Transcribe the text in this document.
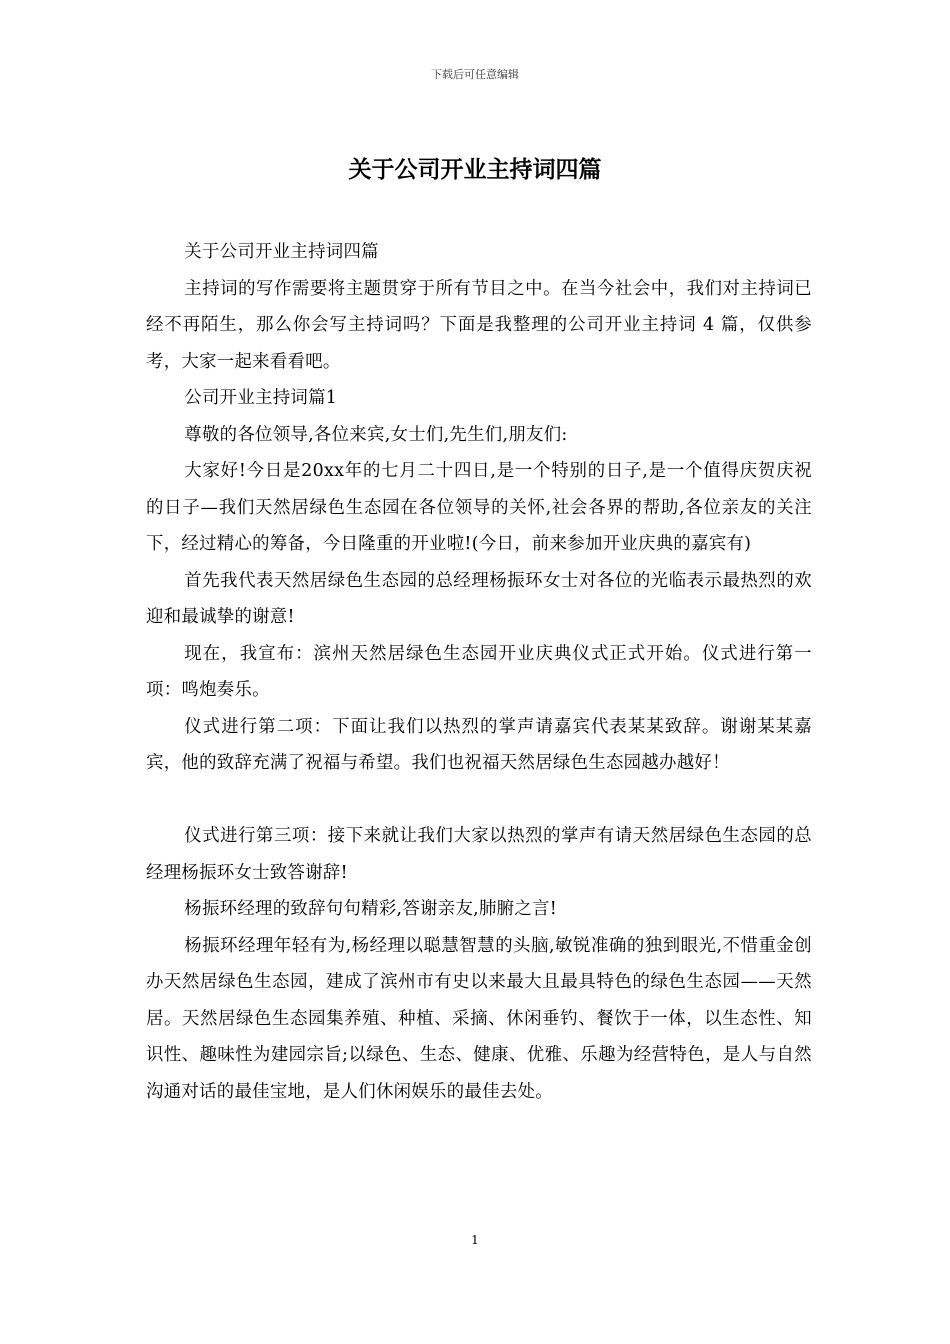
下载后可任意编辑
关于公司开业主持词四篇

关于公司开业主持词四篇

主持词的写作需要将主题贯穿于所有节目之中。在当今社会中，我们对主持词已经不再陌生，那么你会写主持词吗？下面是我整理的公司开业主持词 4 篇，仅供参考，大家一起来看看吧。

公司开业主持词篇1

尊敬的各位领导,各位来宾,女士们,先生们,朋友们:

大家好!今日是20xx年的七月二十四日,是一个特别的日子,是一个值得庆贺庆祝的日子—我们天然居绿色生态园在各位领导的关怀,社会各界的帮助,各位亲友的关注下，经过精心的筹备，今日隆重的开业啦!(今日，前来参加开业庆典的嘉宾有)

首先我代表天然居绿色生态园的总经理杨振环女士对各位的光临表示最热烈的欢迎和最诚挚的谢意!

现在，我宣布：滨州天然居绿色生态园开业庆典仪式正式开始。仪式进行第一项：鸣炮奏乐。

仪式进行第二项：下面让我们以热烈的掌声请嘉宾代表某某致辞。谢谢某某嘉宾，他的致辞充满了祝福与希望。我们也祝福天然居绿色生态园越办越好！

仪式进行第三项：接下来就让我们大家以热烈的掌声有请天然居绿色生态园的总经理杨振环女士致答谢辞!

杨振环经理的致辞句句精彩,答谢亲友,肺腑之言!

杨振环经理年轻有为,杨经理以聪慧智慧的头脑,敏锐准确的独到眼光,不惜重金创办天然居绿色生态园，建成了滨州市有史以来最大且最具特色的绿色生态园——天然居。天然居绿色生态园集养殖、种植、采摘、休闲垂钓、餐饮于一体，以生态性、知识性、趣味性为建园宗旨;以绿色、生态、健康、优雅、乐趣为经营特色，是人与自然沟通对话的最佳宝地，是人们休闲娱乐的最佳去处。

1
